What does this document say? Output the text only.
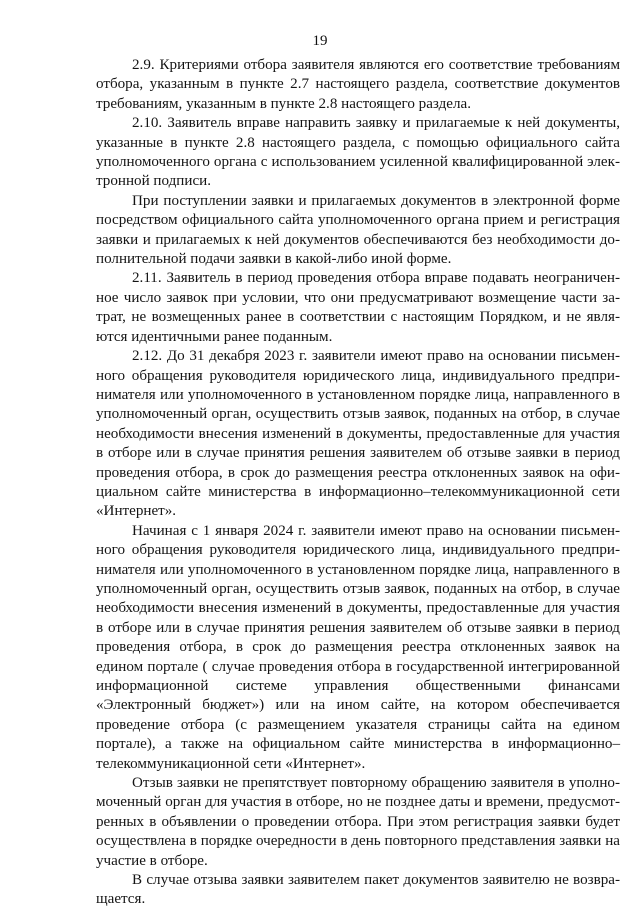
19

2.9. Критериями отбора заявителя являются его соответствие требованиям отбора, указанным в пункте 2.7 настоящего раздела, соответствие документов требованиям, указанным в пункте 2.8 настоящего раздела.

2.10. Заявитель вправе направить заявку и прилагаемые к ней документы, указанные в пункте 2.8 настоящего раздела, с помощью официального сайта уполномоченного органа с использованием усиленной квалифицированной электронной подписи.

При поступлении заявки и прилагаемых документов в электронной форме посредством официального сайта уполномоченного органа прием и регистрация заявки и прилагаемых к ней документов обеспечиваются без необходимости дополнительной подачи заявки в какой-либо иной форме.

2.11. Заявитель в период проведения отбора вправе подавать неограниченное число заявок при условии, что они предусматривают возмещение части затрат, не возмещенных ранее в соответствии с настоящим Порядком, и не являются идентичными ранее поданным.

2.12. До 31 декабря 2023 г. заявители имеют право на основании письменного обращения руководителя юридического лица, индивидуального предпринимателя или уполномоченного в установленном порядке лица, направленного в уполномоченный орган, осуществить отзыв заявок, поданных на отбор, в случае необходимости внесения изменений в документы, предоставленные для участия в отборе или в случае принятия решения заявителем об отзыве заявки в период проведения отбора, в срок до размещения реестра отклоненных заявок на официальном сайте министерства в информационно–телекоммуникационной сети «Интернет».

Начиная с 1 января 2024 г. заявители имеют право на основании письменного обращения руководителя юридического лица, индивидуального предпринимателя или уполномоченного в установленном порядке лица, направленного в уполномоченный орган, осуществить отзыв заявок, поданных на отбор, в случае необходимости внесения изменений в документы, предоставленные для участия в отборе или в случае принятия решения заявителем об отзыве заявки в период проведения отбора, в срок до размещения реестра отклоненных заявок на едином портале ( случае проведения отбора в государственной интегрированной информационной системе управления общественными финансами «Электронный бюджет») или на ином сайте, на котором обеспечивается проведение отбора (с размещением указателя страницы сайта на едином портале), а также на официальном сайте министерства в информационно–телекоммуникационной сети «Интернет».

Отзыв заявки не препятствует повторному обращению заявителя в уполномоченный орган для участия в отборе, но не позднее даты и времени, предусмотренных в объявлении о проведении отбора. При этом регистрация заявки будет осуществлена в порядке очередности в день повторного представления заявки на участие в отборе.

В случае отзыва заявки заявителем пакет документов заявителю не возвращается.
